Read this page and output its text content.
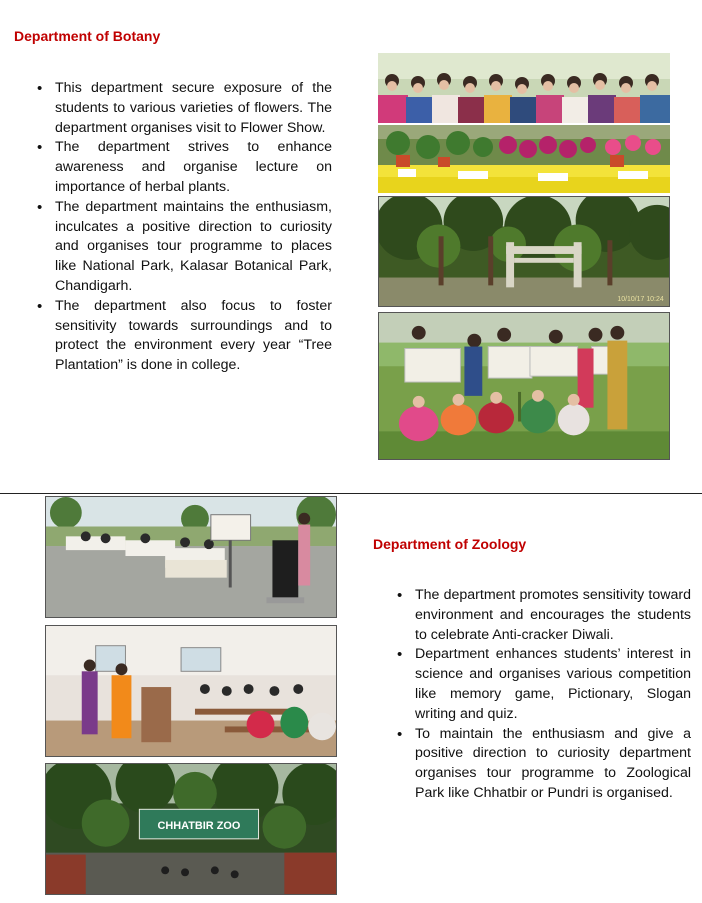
Department of Botany
• This department secure exposure of the students to various varieties of flowers. The department organises visit to Flower Show.
• The department strives to enhance awareness and organise lecture on importance of herbal plants.
• The department maintains the enthusiasm, inculcates a positive direction to curiosity and organises tour programme to places like National Park, Kalasar Botanical Park, Chandigarh.
• The department also focus to foster sensitivity towards surroundings and to protect the environment every year “Tree Plantation” is done in college.
10/10/17 10:24
CHHATBIR ZOO
Department of Zoology
• The department promotes sensitivity toward environment and encourages the students to celebrate Anti-cracker Diwali.
• Department enhances students’ interest in science and organises various competition like memory game, Pictionary, Slogan writing and quiz.
• To maintain the enthusiasm and give a positive direction to curiosity department organises tour programme to Zoological Park like Chhatbir or Pundri is organised.
